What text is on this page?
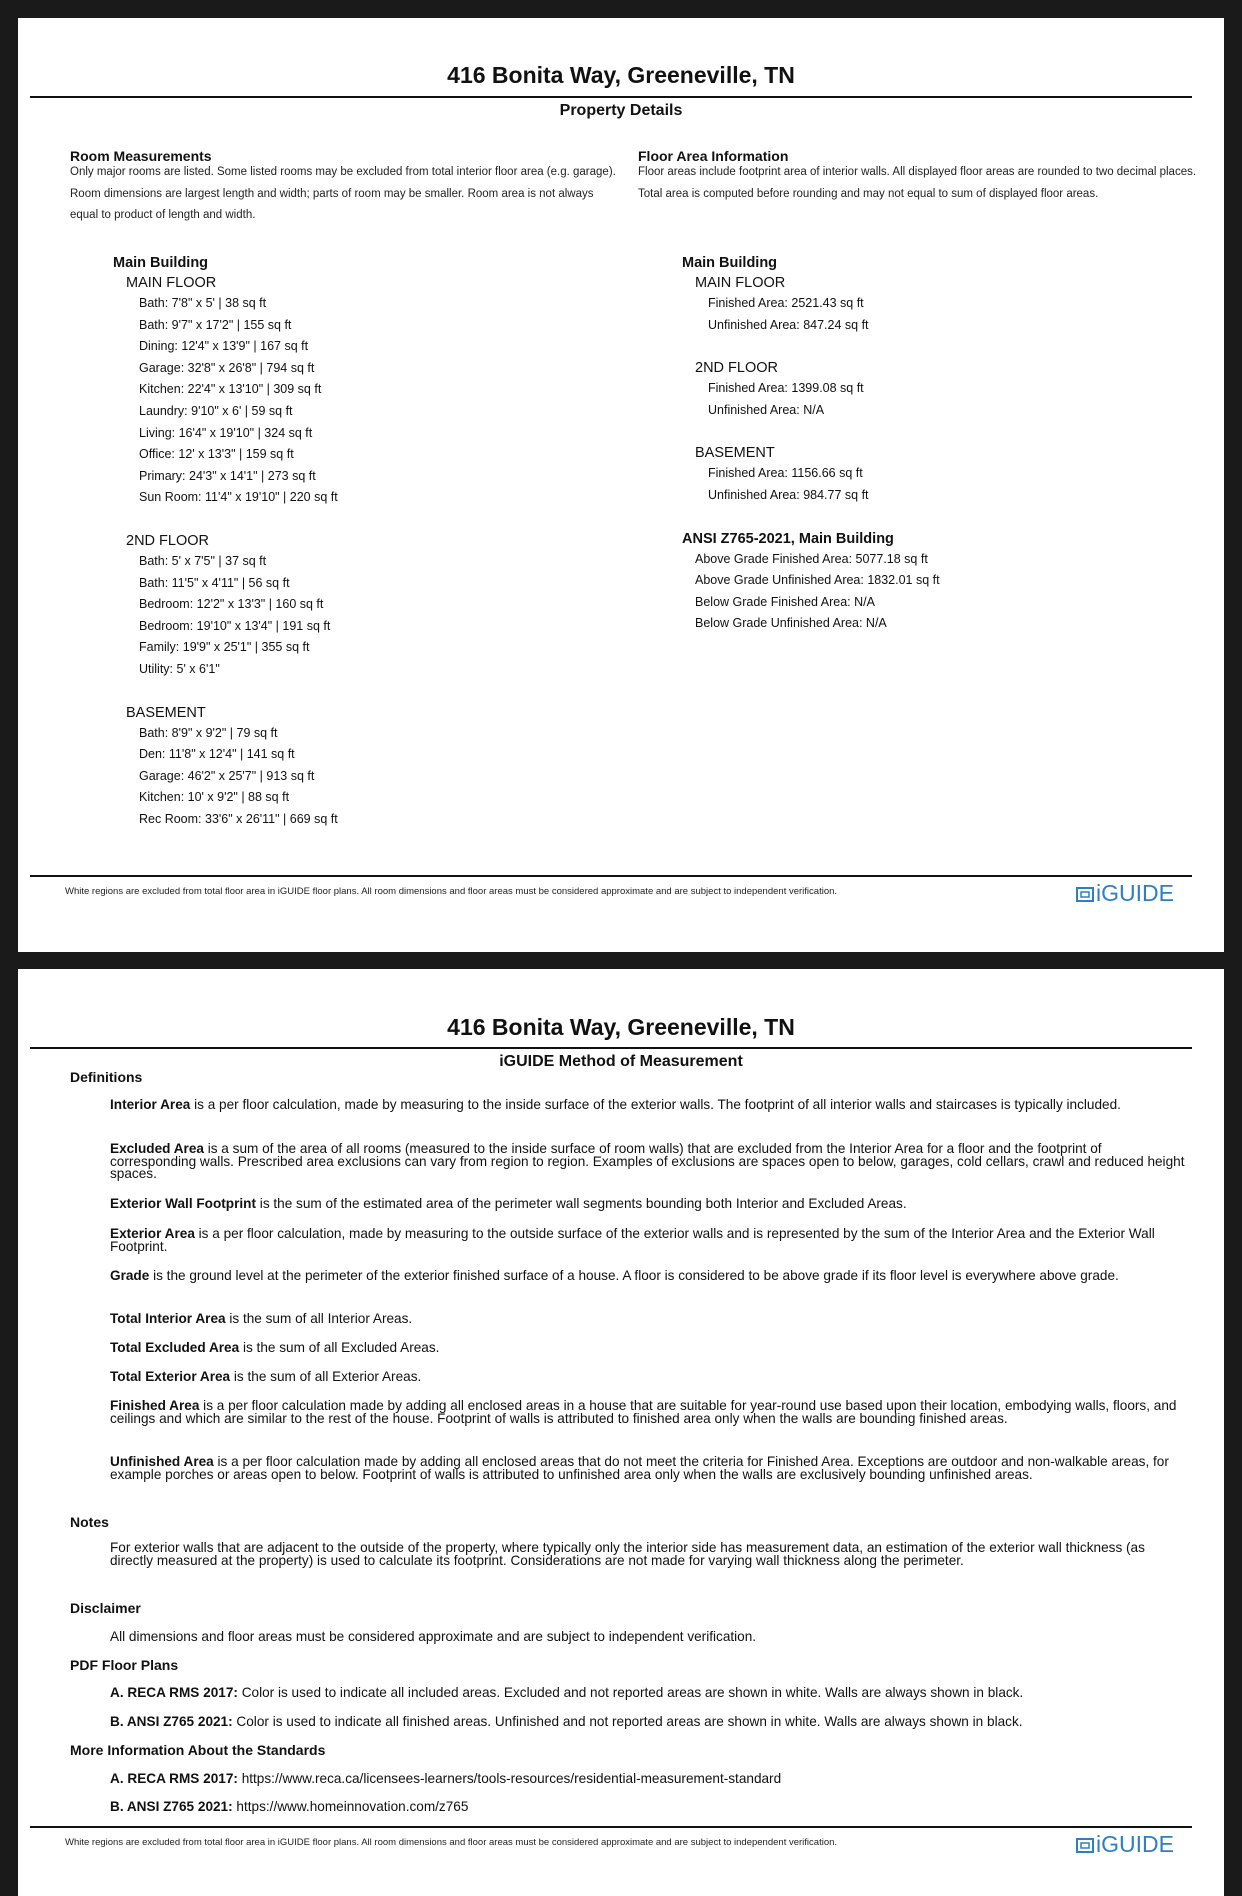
416 Bonita Way, Greeneville, TN
Property Details
Room Measurements
Only major rooms are listed. Some listed rooms may be excluded from total interior floor area (e.g. garage). Room dimensions are largest length and width; parts of room may be smaller. Room area is not always equal to product of length and width.
Floor Area Information
Floor areas include footprint area of interior walls. All displayed floor areas are rounded to two decimal places. Total area is computed before rounding and may not equal to sum of displayed floor areas.
Main Building
MAIN FLOOR
Bath: 7'8" x 5' | 38 sq ft
Bath: 9'7" x 17'2" | 155 sq ft
Dining: 12'4" x 13'9" | 167 sq ft
Garage: 32'8" x 26'8" | 794 sq ft
Kitchen: 22'4" x 13'10" | 309 sq ft
Laundry: 9'10" x 6' | 59 sq ft
Living: 16'4" x 19'10" | 324 sq ft
Office: 12' x 13'3" | 159 sq ft
Primary: 24'3" x 14'1" | 273 sq ft
Sun Room: 11'4" x 19'10" | 220 sq ft
2ND FLOOR
Bath: 5' x 7'5" | 37 sq ft
Bath: 11'5" x 4'11" | 56 sq ft
Bedroom: 12'2" x 13'3" | 160 sq ft
Bedroom: 19'10" x 13'4" | 191 sq ft
Family: 19'9" x 25'1" | 355 sq ft
Utility: 5' x 6'1"
BASEMENT
Bath: 8'9" x 9'2" | 79 sq ft
Den: 11'8" x 12'4" | 141 sq ft
Garage: 46'2" x 25'7" | 913 sq ft
Kitchen: 10' x 9'2" | 88 sq ft
Rec Room: 33'6" x 26'11" | 669 sq ft
Main Building
MAIN FLOOR
Finished Area: 2521.43 sq ft
Unfinished Area: 847.24 sq ft
2ND FLOOR
Finished Area: 1399.08 sq ft
Unfinished Area: N/A
BASEMENT
Finished Area: 1156.66 sq ft
Unfinished Area: 984.77 sq ft
ANSI Z765-2021, Main Building
Above Grade Finished Area: 5077.18 sq ft
Above Grade Unfinished Area: 1832.01 sq ft
Below Grade Finished Area: N/A
Below Grade Unfinished Area: N/A
White regions are excluded from total floor area in iGUIDE floor plans. All room dimensions and floor areas must be considered approximate and are subject to independent verification.	iGUIDE
416 Bonita Way, Greeneville, TN
iGUIDE Method of Measurement
Definitions

Interior Area is a per floor calculation, made by measuring to the inside surface of the exterior walls. The footprint of all interior walls and staircases is typically included.

Excluded Area is a sum of the area of all rooms (measured to the inside surface of room walls) that are excluded from the Interior Area for a floor and the footprint of corresponding walls. Prescribed area exclusions can vary from region to region. Examples of exclusions are spaces open to below, garages, cold cellars, crawl and reduced height spaces.

Exterior Wall Footprint is the sum of the estimated area of the perimeter wall segments bounding both Interior and Excluded Areas.

Exterior Area is a per floor calculation, made by measuring to the outside surface of the exterior walls and is represented by the sum of the Interior Area and the Exterior Wall Footprint.

Grade is the ground level at the perimeter of the exterior finished surface of a house. A floor is considered to be above grade if its floor level is everywhere above grade.

Total Interior Area is the sum of all Interior Areas.

Total Excluded Area is the sum of all Excluded Areas.

Total Exterior Area is the sum of all Exterior Areas.

Finished Area is a per floor calculation made by adding all enclosed areas in a house that are suitable for year-round use based upon their location, embodying walls, floors, and ceilings and which are similar to the rest of the house. Footprint of walls is attributed to finished area only when the walls are bounding finished areas.

Unfinished Area is a per floor calculation made by adding all enclosed areas that do not meet the criteria for Finished Area. Exceptions are outdoor and non-walkable areas, for example porches or areas open to below. Footprint of walls is attributed to unfinished area only when the walls are exclusively bounding unfinished areas.

Notes

For exterior walls that are adjacent to the outside of the property, where typically only the interior side has measurement data, an estimation of the exterior wall thickness (as directly measured at the property) is used to calculate its footprint. Considerations are not made for varying wall thickness along the perimeter.

Disclaimer
All dimensions and floor areas must be considered approximate and are subject to independent verification.
PDF Floor Plans
A. RECA RMS 2017: Color is used to indicate all included areas. Excluded and not reported areas are shown in white. Walls are always shown in black.
B. ANSI Z765 2021: Color is used to indicate all finished areas. Unfinished and not reported areas are shown in white. Walls are always shown in black.
More Information About the Standards
A. RECA RMS 2017: https://www.reca.ca/licensees-learners/tools-resources/residential-measurement-standard
B. ANSI Z765 2021: https://www.homeinnovation.com/z765
White regions are excluded from total floor area in iGUIDE floor plans. All room dimensions and floor areas must be considered approximate and are subject to independent verification.	iGUIDE
